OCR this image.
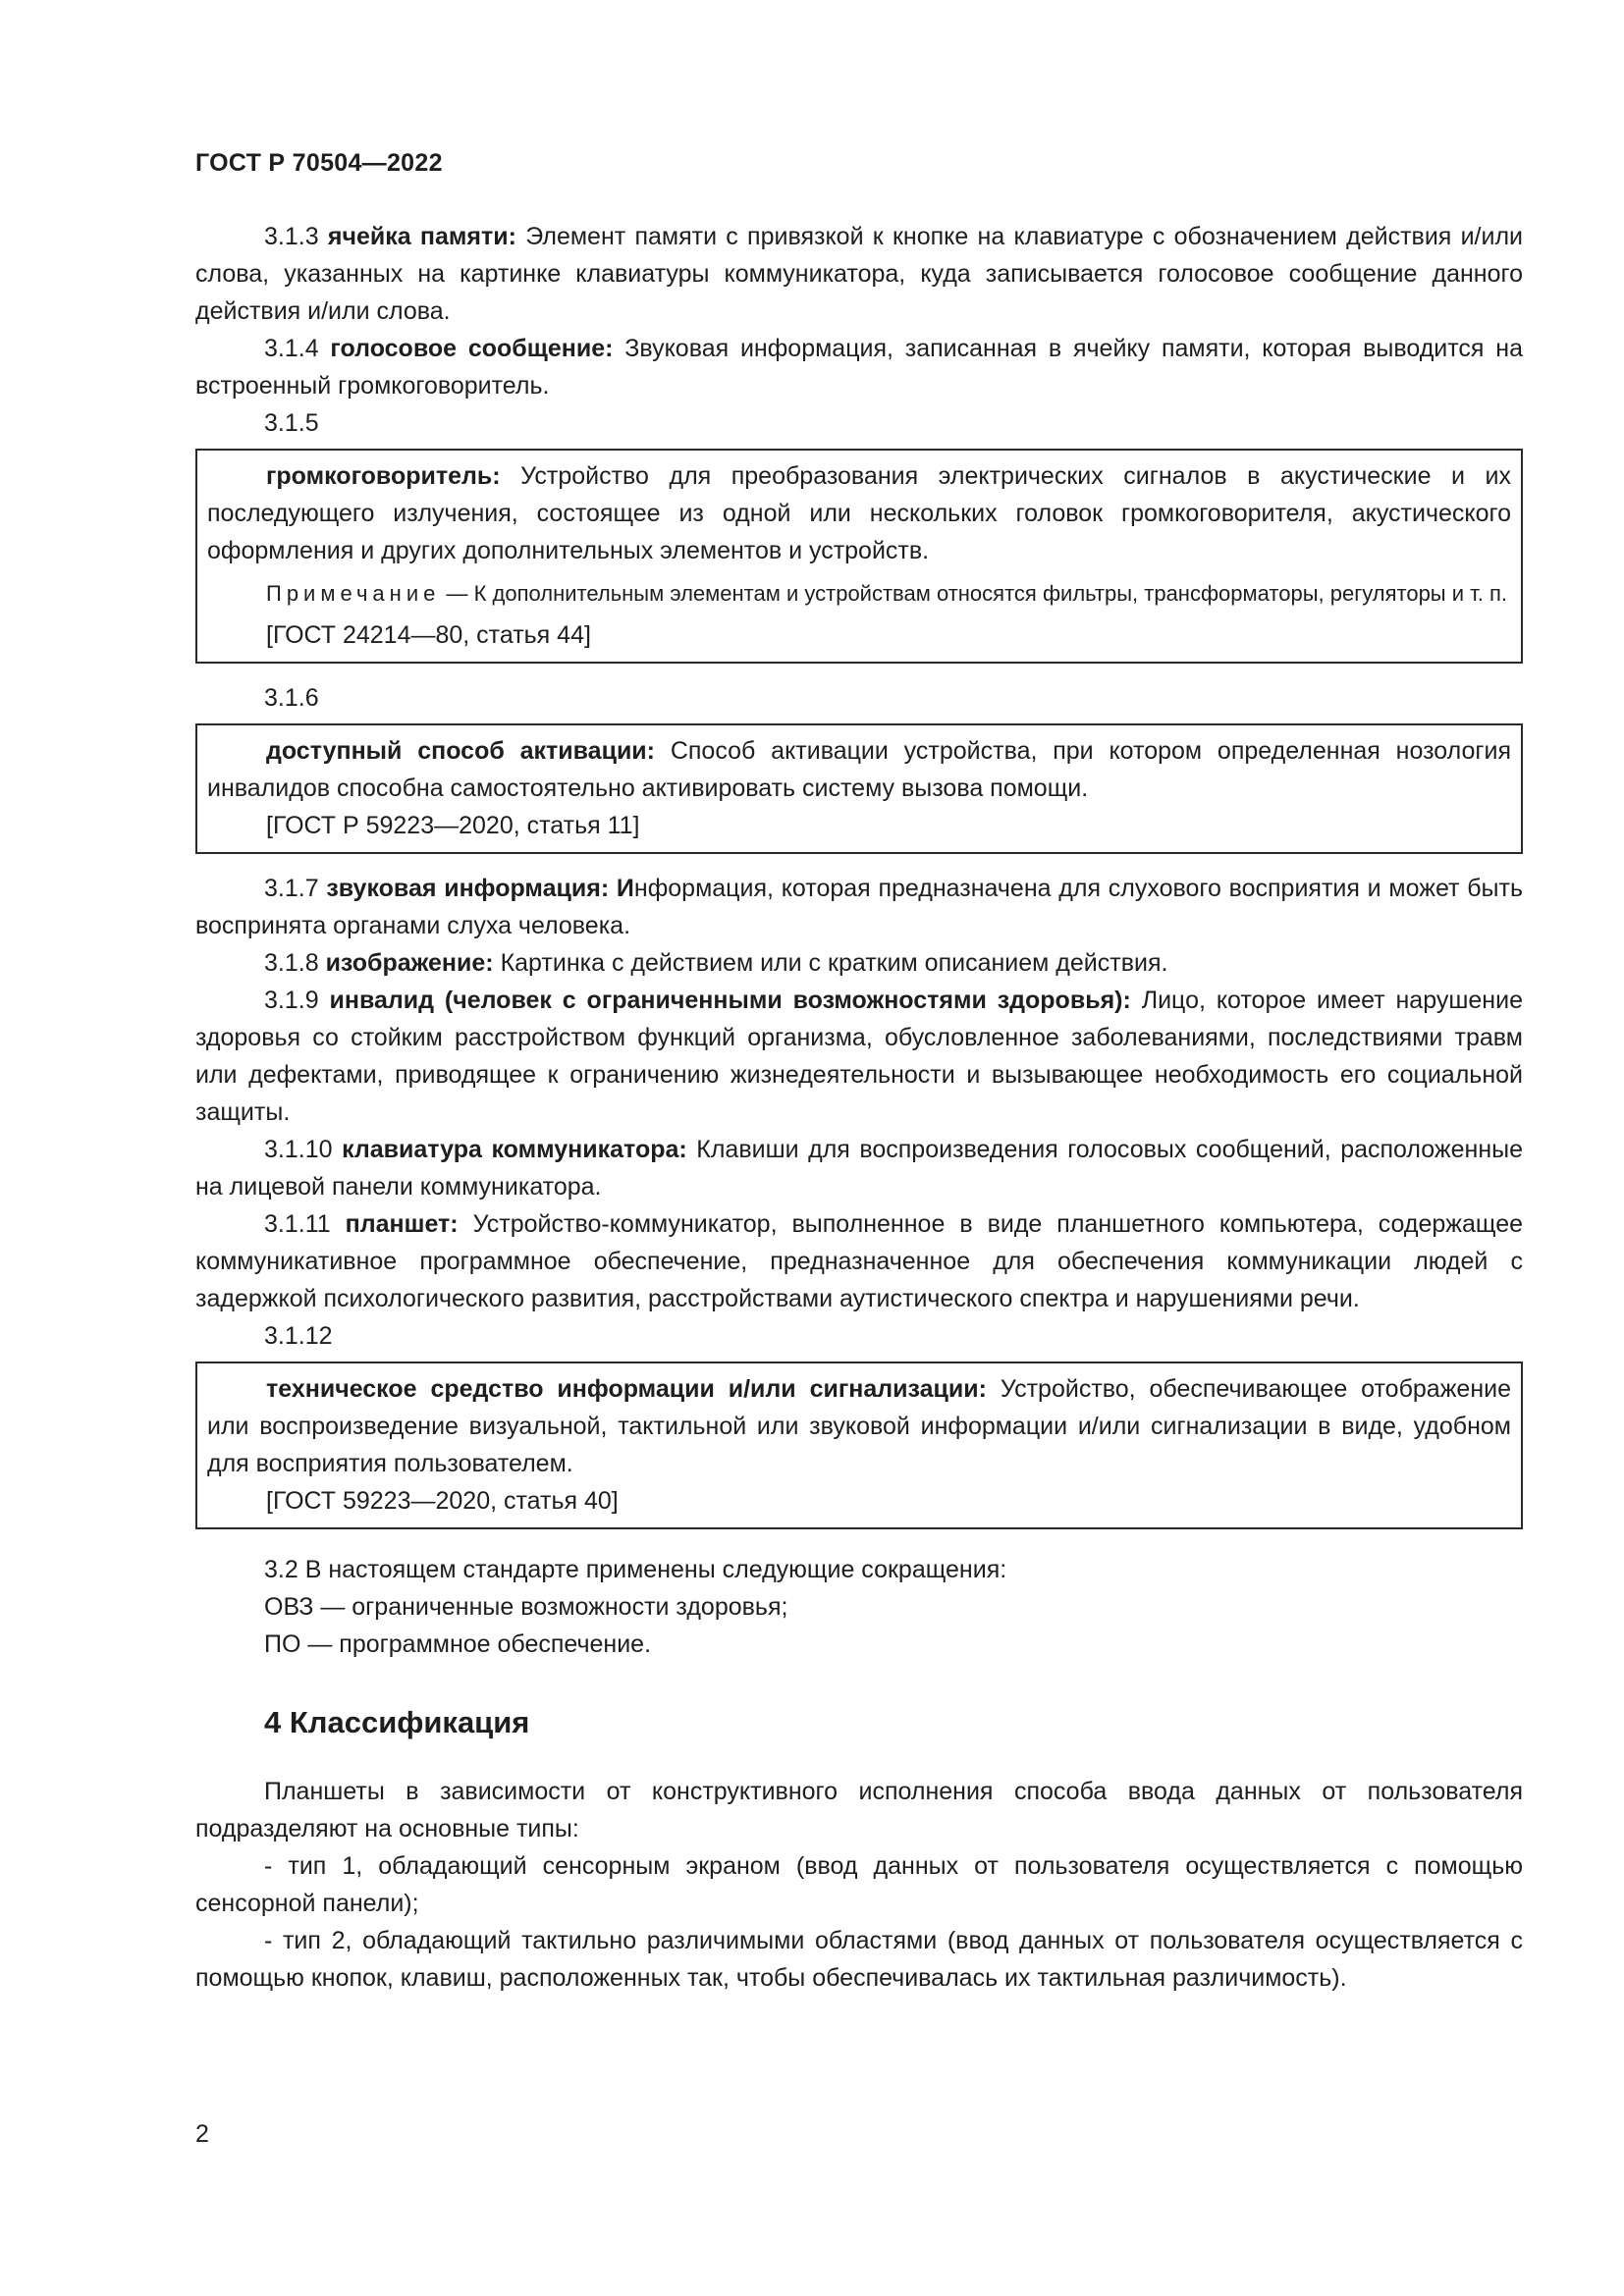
ГОСТ Р 70504—2022

3.1.3 ячейка памяти: Элемент памяти с привязкой к кнопке на клавиатуре с обозначением действия и/или слова, указанных на картинке клавиатуры коммуникатора, куда записывается голосовое сообщение данного действия и/или слова.

3.1.4 голосовое сообщение: Звуковая информация, записанная в ячейку памяти, которая выводится на встроенный громкоговоритель.

3.1.5

громкоговоритель: Устройство для преобразования электрических сигналов в акустические и их последующего излучения, состоящее из одной или нескольких головок громкоговорителя, акустического оформления и других дополнительных элементов и устройств.

Примечание — К дополнительным элементам и устройствам относятся фильтры, трансформаторы, регуляторы и т. п.

[ГОСТ 24214—80, статья 44]

3.1.6

доступный способ активации: Способ активации устройства, при котором определенная нозология инвалидов способна самостоятельно активировать систему вызова помощи.

[ГОСТ Р 59223—2020, статья 11]

3.1.7 звуковая информация: Информация, которая предназначена для слухового восприятия и может быть воспринята органами слуха человека.

3.1.8 изображение: Картинка с действием или с кратким описанием действия.

3.1.9 инвалид (человек с ограниченными возможностями здоровья): Лицо, которое имеет нарушение здоровья со стойким расстройством функций организма, обусловленное заболеваниями, последствиями травм или дефектами, приводящее к ограничению жизнедеятельности и вызывающее необходимость его социальной защиты.

3.1.10 клавиатура коммуникатора: Клавиши для воспроизведения голосовых сообщений, расположенные на лицевой панели коммуникатора.

3.1.11 планшет: Устройство-коммуникатор, выполненное в виде планшетного компьютера, содержащее коммуникативное программное обеспечение, предназначенное для обеспечения коммуникации людей с задержкой психологического развития, расстройствами аутистического спектра и нарушениями речи.

3.1.12

техническое средство информации и/или сигнализации: Устройство, обеспечивающее отображение или воспроизведение визуальной, тактильной или звуковой информации и/или сигнализации в виде, удобном для восприятия пользователем.

[ГОСТ 59223—2020, статья 40]

3.2 В настоящем стандарте применены следующие сокращения:

ОВЗ — ограниченные возможности здоровья;

ПО — программное обеспечение.

4 Классификация

Планшеты в зависимости от конструктивного исполнения способа ввода данных от пользователя подразделяют на основные типы:

- тип 1, обладающий сенсорным экраном (ввод данных от пользователя осуществляется с помощью сенсорной панели);

- тип 2, обладающий тактильно различимыми областями (ввод данных от пользователя осуществляется с помощью кнопок, клавиш, расположенных так, чтобы обеспечивалась их тактильная различимость).

2
